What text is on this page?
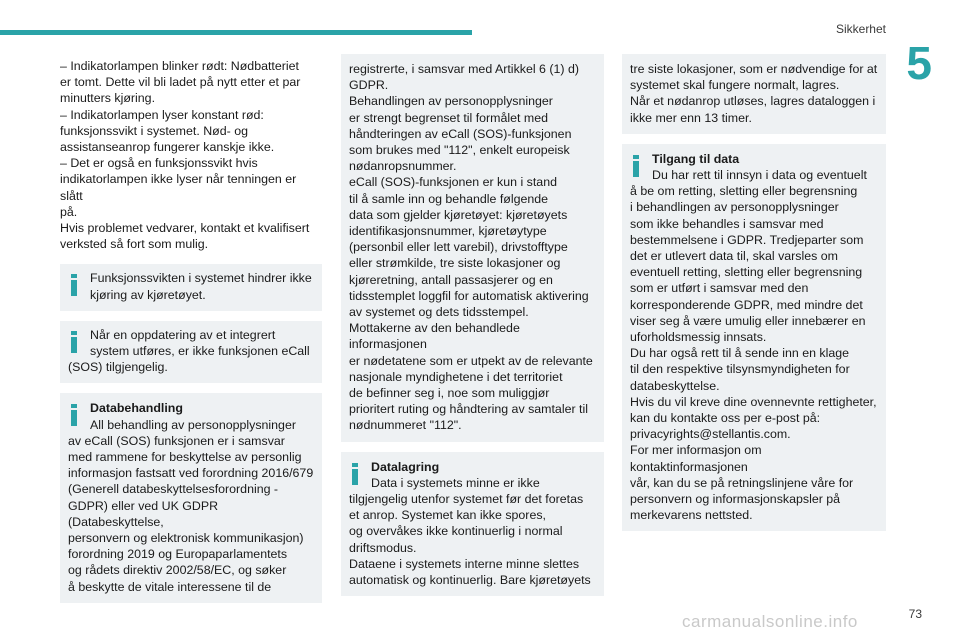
Sikkerhet
5
– Indikatorlampen blinker rødt: Nødbatteriet
er tomt. Dette vil bli ladet på nytt etter et par
minutters kjøring.
– Indikatorlampen lyser konstant rød:
funksjonssvikt i systemet. Nød- og
assistanseanrop fungerer kanskje ikke.
– Det er også en funksjonssvikt hvis
indikatorlampen ikke lyser når tenningen er slått
på.
Hvis problemet vedvarer, kontakt et kvalifisert
verksted så fort som mulig.
Funksjonssvikten i systemet hindrer ikke
kjøring av kjøretøyet.
Når en oppdatering av et integrert
system utføres, er ikke funksjonen eCall
(SOS) tilgjengelig.
Databehandling
All behandling av personopplysninger
av eCall (SOS) funksjonen er i samsvar
med rammene for beskyttelse av personlig
informasjon fastsatt ved forordning 2016/679
(Generell databeskyttelsesforordning -
GDPR) eller ved UK GDPR (Databeskyttelse,
personvern og elektronisk kommunikasjon)
forordning 2019 og Europaparlamentets
og rådets direktiv 2002/58/EC, og søker
å beskytte de vitale interessene til de
registrerte, i samsvar med Artikkel 6 (1) d)
GDPR.
Behandlingen av personopplysninger
er strengt begrenset til formålet med
håndteringen av eCall (SOS)-funksjonen
som brukes med "112", enkelt europeisk
nødanropsnummer.
eCall (SOS)-funksjonen er kun i stand
til å samle inn og behandle følgende
data som gjelder kjøretøyet: kjøretøyets
identifikasjonsnummer, kjøretøytype
(personbil eller lett varebil), drivstofftype
eller strømkilde, tre siste lokasjoner og
kjøreretning, antall passasjerer og en
tidsstemplet loggfil for automatisk aktivering
av systemet og dets tidsstempel.
Mottakerne av den behandlede informasjonen
er nødetatene som er utpekt av de relevante
nasjonale myndighetene i det territoriet
de befinner seg i, noe som muliggjør
prioritert ruting og håndtering av samtaler til
nødnummeret "112".
Datalagring
Data i systemets minne er ikke
tilgjengelig utenfor systemet før det foretas
et anrop. Systemet kan ikke spores,
og overvåkes ikke kontinuerlig i normal
driftsmodus.
Dataene i systemets interne minne slettes
automatisk og kontinuerlig. Bare kjøretøyets
tre siste lokasjoner, som er nødvendige for at
systemet skal fungere normalt, lagres.
Når et nødanrop utløses, lagres dataloggen i
ikke mer enn 13 timer.
Tilgang til data
Du har rett til innsyn i data og eventuelt
å be om retting, sletting eller begrensning
i behandlingen av personopplysninger
som ikke behandles i samsvar med
bestemmelsene i GDPR. Tredjeparter som
det er utlevert data til, skal varsles om
eventuell retting, sletting eller begrensning
som er utført i samsvar med den
korresponderende GDPR, med mindre det
viser seg å være umulig eller innebærer en
uforholdsmessig innsats.
Du har også rett til å sende inn en klage
til den respektive tilsynsmyndigheten for
databeskyttelse.
Hvis du vil kreve dine ovennevnte rettigheter,
kan du kontakte oss per e-post på:
privacyrights@stellantis.com.
For mer informasjon om kontaktinformasjonen
vår, kan du se på retningslinjene våre for
personvern og informasjonskapsler på
merkevarens nettsted.
73
carmanualsonline.info
